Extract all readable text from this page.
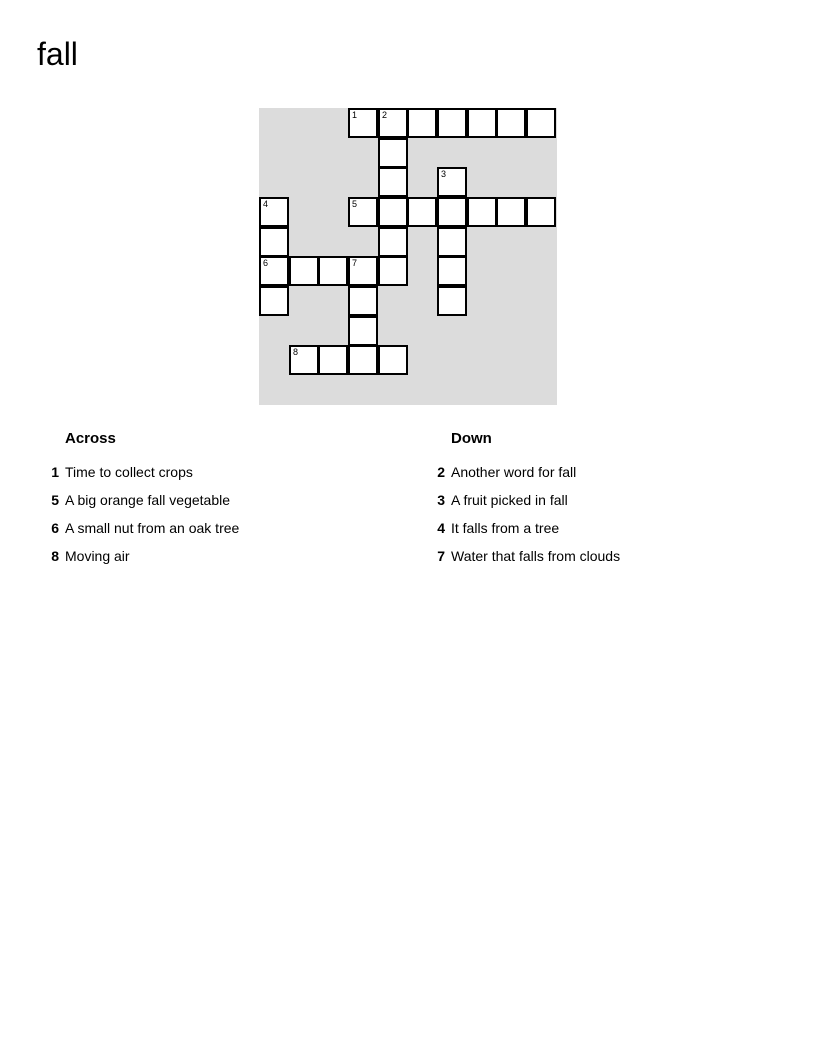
fall
1	2
3
4	5
6	7
8
Across
1 Time to collect crops
5 A big orange fall vegetable
6 A small nut from an oak tree
8 Moving air
Down
2 Another word for fall
3 A fruit picked in fall
4 It falls from a tree
7 Water that falls from clouds
